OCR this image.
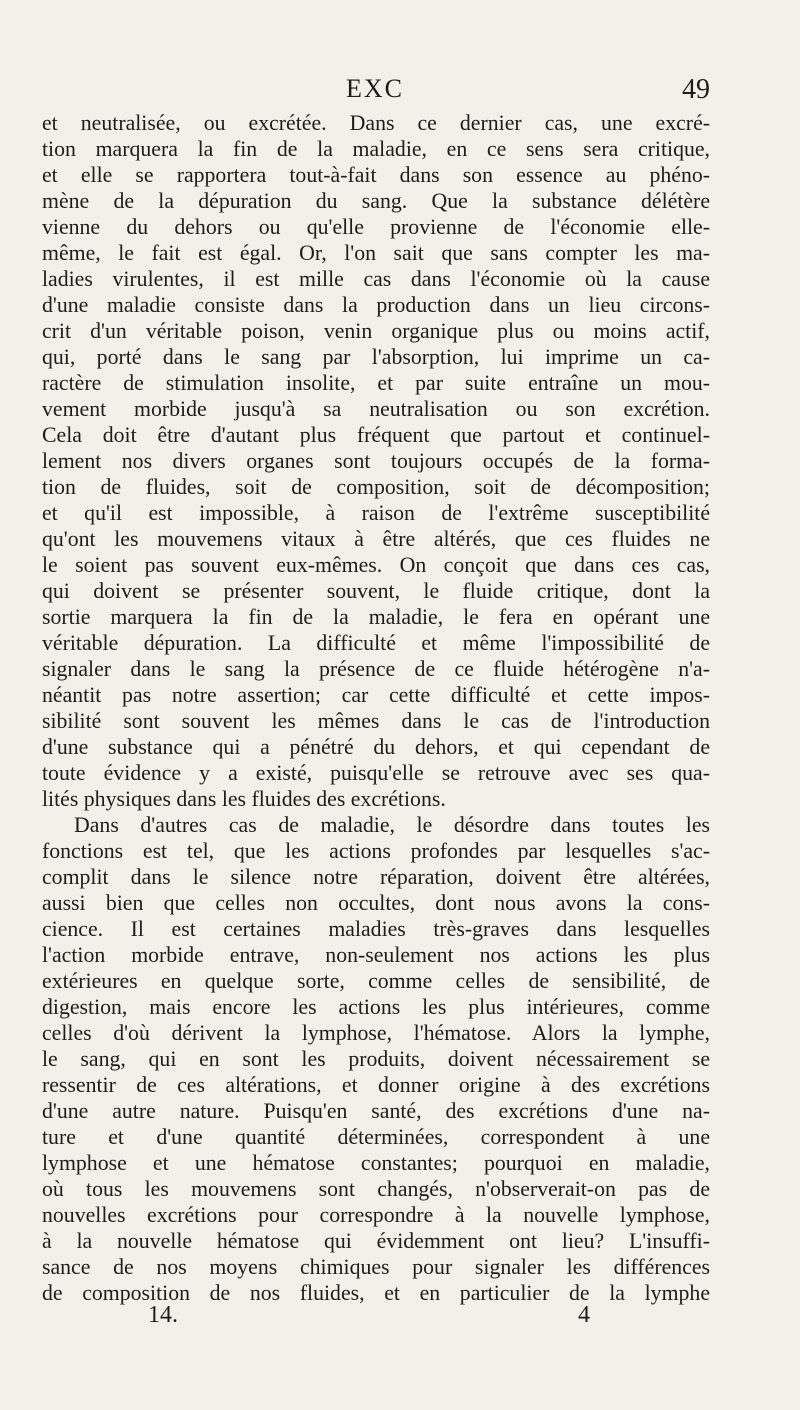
EXC	49
et neutralisée, ou excrétée. Dans ce dernier cas, une excré-
tion marquera la fin de la maladie, en ce sens sera critique,
et elle se rapportera tout-à-fait dans son essence au phéno-
mène de la dépuration du sang. Que la substance délétère
vienne du dehors ou qu'elle provienne de l'économie elle-
même, le fait est égal. Or, l'on sait que sans compter les ma-
ladies virulentes, il est mille cas dans l'économie où la cause
d'une maladie consiste dans la production dans un lieu circons-
crit d'un véritable poison, venin organique plus ou moins actif,
qui, porté dans le sang par l'absorption, lui imprime un ca-
ractère de stimulation insolite, et par suite entraîne un mou-
vement morbide jusqu'à sa neutralisation ou son excrétion.
Cela doit être d'autant plus fréquent que partout et continuel-
lement nos divers organes sont toujours occupés de la forma-
tion de fluides, soit de composition, soit de décomposition;
et qu'il est impossible, à raison de l'extrême susceptibilité
qu'ont les mouvemens vitaux à être altérés, que ces fluides ne
le soient pas souvent eux-mêmes. On conçoit que dans ces cas,
qui doivent se présenter souvent, le fluide critique, dont la
sortie marquera la fin de la maladie, le fera en opérant une
véritable dépuration. La difficulté et même l'impossibilité de
signaler dans le sang la présence de ce fluide hétérogène n'a-
néantit pas notre assertion; car cette difficulté et cette impos-
sibilité sont souvent les mêmes dans le cas de l'introduction
d'une substance qui a pénétré du dehors, et qui cependant de
toute évidence y a existé, puisqu'elle se retrouve avec ses qua-
lités physiques dans les fluides des excrétions.
Dans d'autres cas de maladie, le désordre dans toutes les
fonctions est tel, que les actions profondes par lesquelles s'ac-
complit dans le silence notre réparation, doivent être altérées,
aussi bien que celles non occultes, dont nous avons la cons-
cience. Il est certaines maladies très-graves dans lesquelles
l'action morbide entrave, non-seulement nos actions les plus
extérieures en quelque sorte, comme celles de sensibilité, de
digestion, mais encore les actions les plus intérieures, comme
celles d'où dérivent la lymphose, l'hématose. Alors la lymphe,
le sang, qui en sont les produits, doivent nécessairement se
ressentir de ces altérations, et donner origine à des excrétions
d'une autre nature. Puisqu'en santé, des excrétions d'une na-
ture et d'une quantité déterminées, correspondent à une
lymphose et une hématose constantes; pourquoi en maladie,
où tous les mouvemens sont changés, n'observerait-on pas de
nouvelles excrétions pour correspondre à la nouvelle lymphose,
à la nouvelle hématose qui évidemment ont lieu? L'insuffi-
sance de nos moyens chimiques pour signaler les différences
de composition de nos fluides, et en particulier de la lymphe
14.	4
